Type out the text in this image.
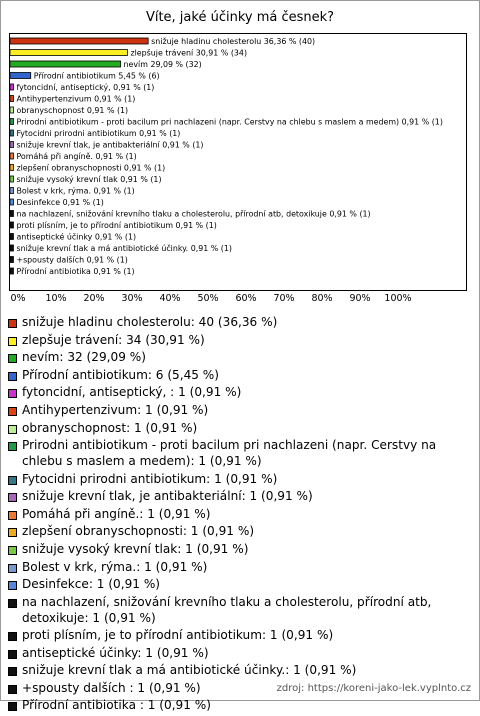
Víte, jaké účinky má česnek?
snižuje hladinu cholesterolu 36,36 % (40)
zlepšuje trávení 30,91 % (34)
nevím 29,09 % (32)
Přírodní antibiotikum 5,45 % (6)
fytoncidní, antiseptický, 0,91 % (1)
Antihypertenzivum 0,91 % (1)
obranyschopnost 0,91 % (1)
Prirodni antibiotikum - proti bacilum pri nachlazeni (napr. Cerstvy na chlebu s maslem a medem) 0,91 % (1)
Fytocidni prirodni antibiotikum 0,91 % (1)
snižuje krevní tlak, je antibakteriální 0,91 % (1)
Pomáhá při angíně. 0,91 % (1)
zlepšení obranyschopnosti 0,91 % (1)
snižuje vysoký krevní tlak 0,91 % (1)
Bolest v krk, rýma. 0,91 % (1)
Desinfekce 0,91 % (1)
na nachlazení, snižování krevního tlaku a cholesterolu, přírodní atb, detoxikuje 0,91 % (1)
proti plísním, je to přírodní antibiotikum 0,91 % (1)
antiseptické účinky 0,91 % (1)
snižuje krevní tlak a má antibiotické účinky. 0,91 % (1)
+spousty dalších 0,91 % (1)
Přírodní antibiotika 0,91 % (1)
0% 10% 20% 30% 40% 50% 60% 70% 80% 90% 100%
snižuje hladinu cholesterolu: 40 (36,36 %)
zlepšuje trávení: 34 (30,91 %)
nevím: 32 (29,09 %)
Přírodní antibiotikum: 6 (5,45 %)
fytoncidní, antiseptický, : 1 (0,91 %)
Antihypertenzivum: 1 (0,91 %)
obranyschopnost: 1 (0,91 %)
Prirodni antibiotikum - proti bacilum pri nachlazeni (napr. Cerstvy na chlebu s maslem a medem): 1 (0,91 %)
Fytocidni prirodni antibiotikum: 1 (0,91 %)
snižuje krevní tlak, je antibakteriální: 1 (0,91 %)
Pomáhá při angíně.: 1 (0,91 %)
zlepšení obranyschopnosti: 1 (0,91 %)
snižuje vysoký krevní tlak: 1 (0,91 %)
Bolest v krk, rýma.: 1 (0,91 %)
Desinfekce: 1 (0,91 %)
na nachlazení, snižování krevního tlaku a cholesterolu, přírodní atb, detoxikuje: 1 (0,91 %)
proti plísním, je to přírodní antibiotikum: 1 (0,91 %)
antiseptické účinky: 1 (0,91 %)
snižuje krevní tlak a má antibiotické účinky.: 1 (0,91 %)
+spousty dalších : 1 (0,91 %)
Přírodní antibiotika : 1 (0,91 %)
zdroj: https://koreni-jako-lek.vyplnto.cz
